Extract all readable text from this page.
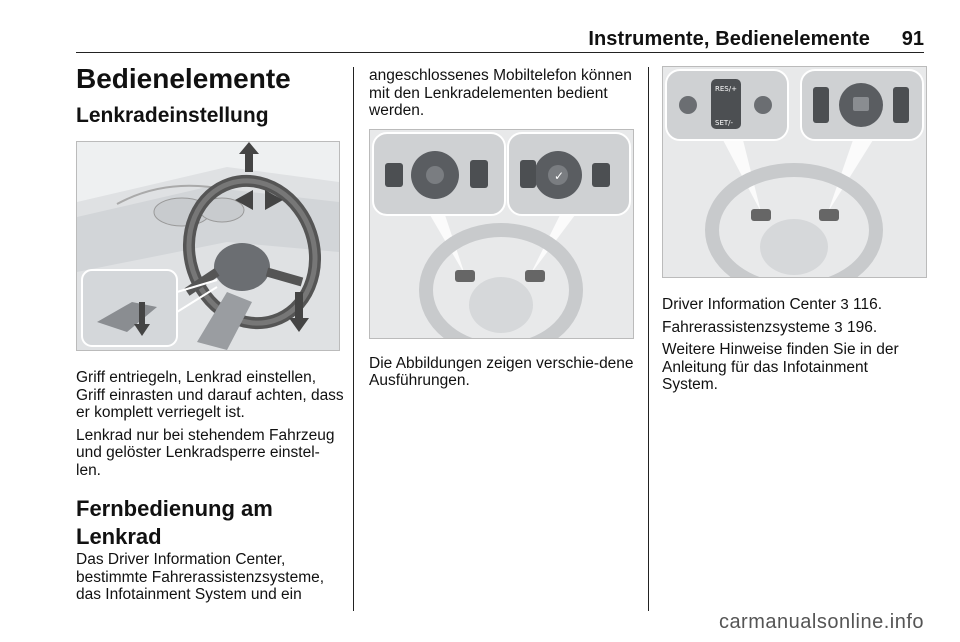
Instrumente, Bedienelemente 91
Bedienelemente
Lenkradeinstellung

Griff entriegeln, Lenkrad einstellen, Griff einrasten und darauf achten, dass er komplett verriegelt ist.

Lenkrad nur bei stehendem Fahrzeug und gelöster Lenkradsperre einstel-len.

Fernbedienung am Lenkrad

Das Driver Information Center, bestimmte Fahrerassistenzsysteme, das Infotainment System und ein

angeschlossenes Mobiltelefon können mit den Lenkradelementen bedient werden.

✓

Die Abbildungen zeigen verschie-dene Ausführungen.

RES/+
SET/-

Driver Information Center 3 116.

Fahrerassistenzsysteme 3 196.

Weitere Hinweise finden Sie in der Anleitung für das Infotainment System.

carmanualsonline.info
